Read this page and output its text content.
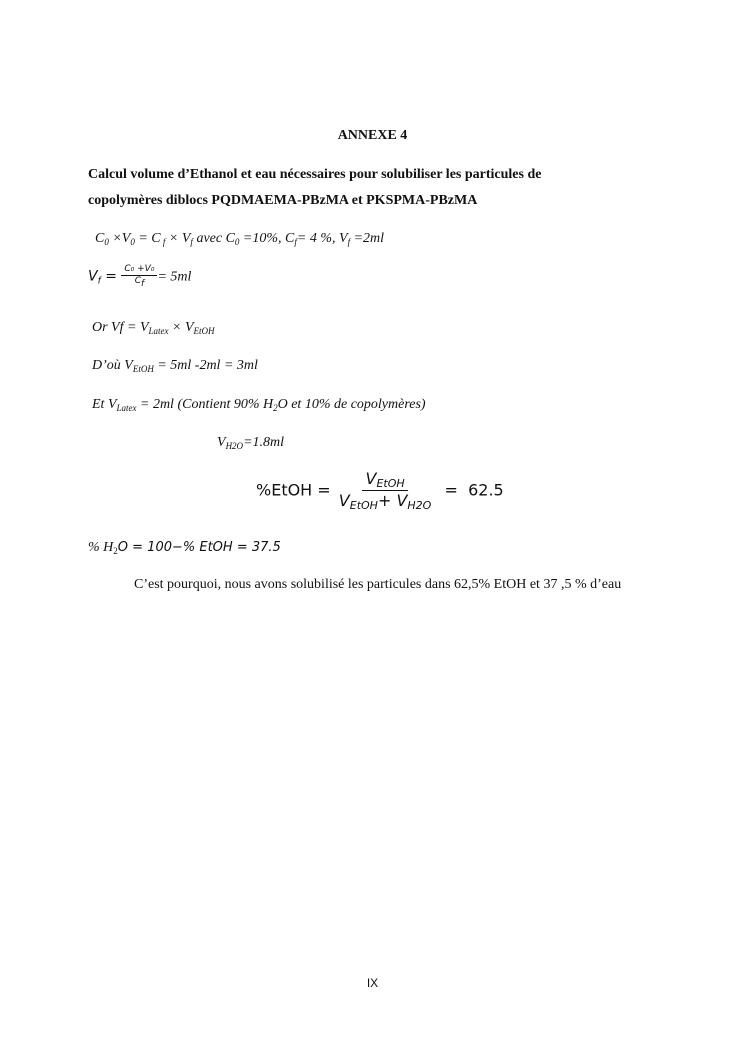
ANNEXE 4
Calcul volume d’Ethanol et eau nécessaires pour solubiliser les particules de
copolymères diblocs PQDMAEMA-PBzMA et PKSPMA-PBzMA
$C_0 \times V_0 = C$ $_f \times V_f$ avec $C_0 =10\%$, $C_f= 4$ %, $V_f =2ml$
$V_f = \frac{\text{C₀ +V₀}}{Cf} = 5ml$
Or $Vf = V_{Latex} \times V_{EtOH}$
D’où $V_{EtOH} = 5ml$ -2ml = 3ml
Et $V_{Latex} = 2ml$ (Contient 90% $H_2O$ et 10% de copolymères)
$V_{H2O}=1.8ml$
%EtOH = $\frac{V_{EtOH}}{V_{EtOH}+ V_{H2O}} = 62.5$
% $H_2O = 100-\%$ EtOH = 37.5
C’est pourquoi, nous avons solubilisé les particules dans 62,5% EtOH et 37 ,5 % d’eau
IX
